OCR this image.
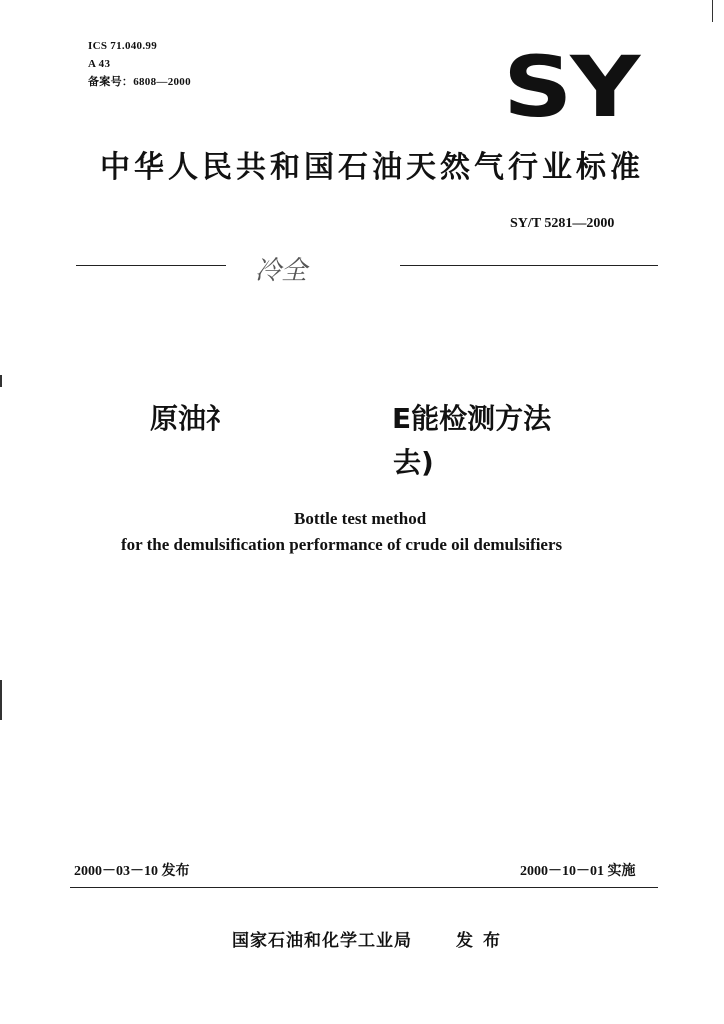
ICS 71.040.99
A 43
备案号：6808—2000	SY
中华人民共和国石油天然气行业标准
SY/T 5281—2000
冷全
原油礻	E能检测方法
去)
Bottle test method
for the demulsification performance of crude oil demulsifiers
2000－03－10 发布	2000－10－01 实施
国家石油和化学工业局	发布
